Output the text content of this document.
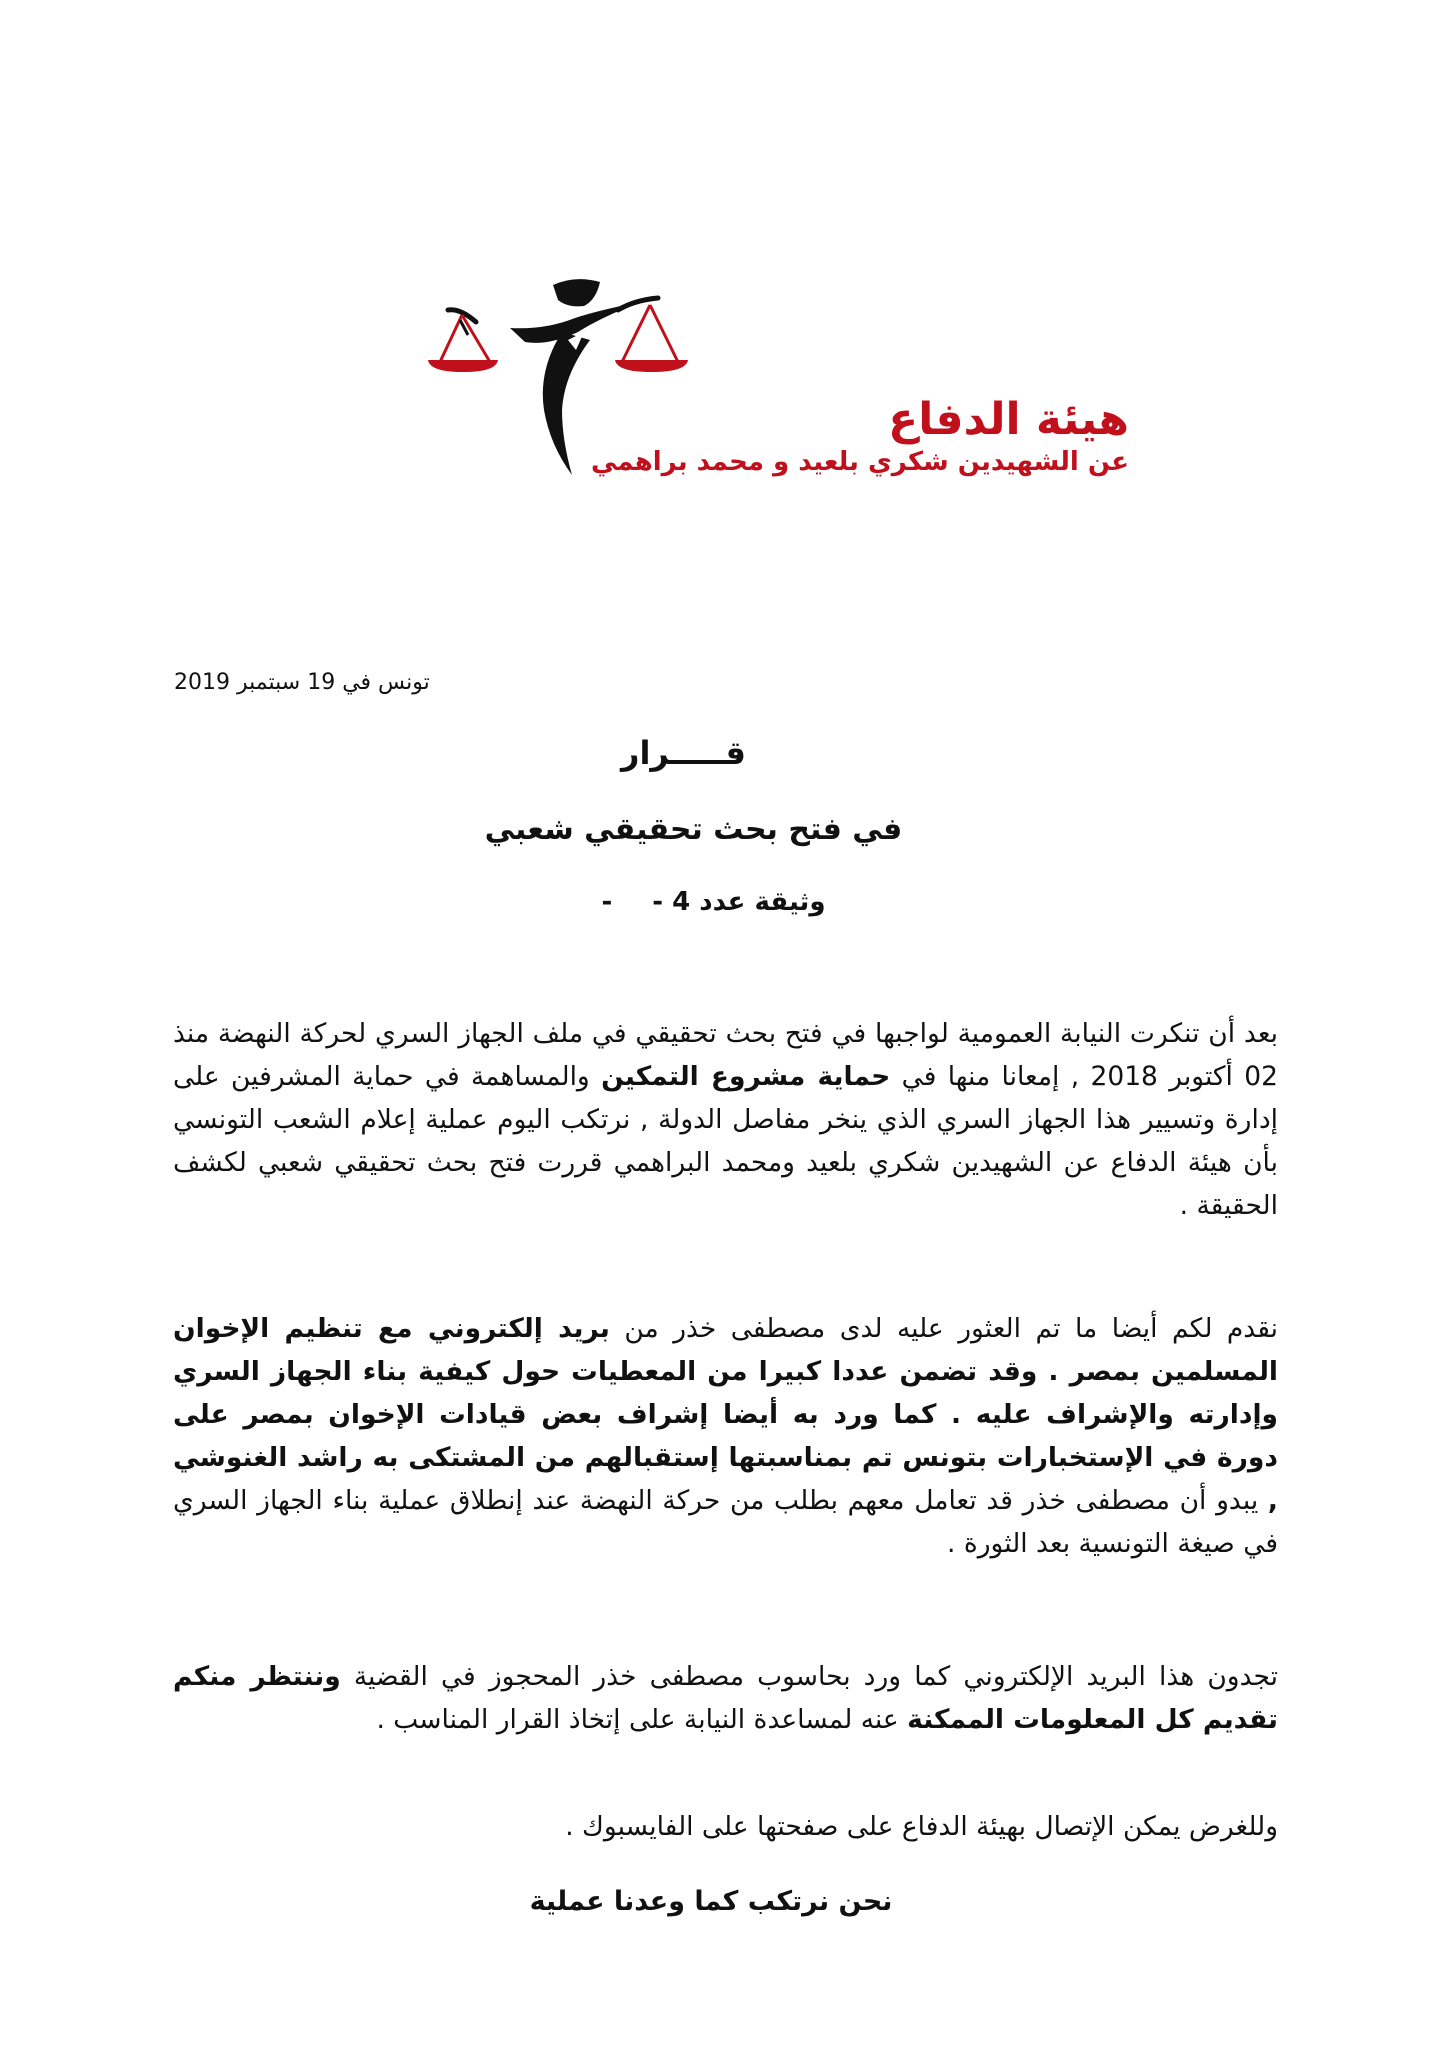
هيئة الدفاع
عن الشهيدين شكري بلعيد و محمد براهمي
تونس في 19 سبتمبر 2019
قـــــرار
في فتح بحث تحقيقي شعبي
وثيقة عدد 4 --
بعد أن تنكرت النيابة العمومية لواجبها في فتح بحث تحقيقي في ملف الجهاز السري لحركة النهضة منذ 02 أكتوبر 2018 , إمعانا منها في حماية مشروع التمكين والمساهمة في حماية المشرفين على إدارة وتسيير هذا الجهاز السري الذي ينخر مفاصل الدولة , نرتكب اليوم عملية إعلام الشعب التونسي بأن هيئة الدفاع عن الشهيدين شكري بلعيد ومحمد البراهمي قررت فتح بحث تحقيقي شعبي لكشف الحقيقة .
نقدم لكم أيضا ما تم العثور عليه لدى مصطفى خذر من بريد إلكتروني مع تنظيم الإخوان المسلمين بمصر . وقد تضمن عددا كبيرا من المعطيات حول كيفية بناء الجهاز السري وإدارته والإشراف عليه . كما ورد به أيضا إشراف بعض قيادات الإخوان بمصر على دورة في الإستخبارات بتونس تم بمناسبتها إستقبالهم من المشتكى به راشد الغنوشي , يبدو أن مصطفى خذر قد تعامل معهم بطلب من حركة النهضة عند إنطلاق عملية بناء الجهاز السري في صيغة التونسية بعد الثورة .
تجدون هذا البريد الإلكتروني كما ورد بحاسوب مصطفى خذر المحجوز في القضية وننتظر منكم تقديم كل المعلومات الممكنة عنه لمساعدة النيابة على إتخاذ القرار المناسب .
وللغرض يمكن الإتصال بهيئة الدفاع على صفحتها على الفايسبوك .
نحن نرتكب كما وعدنا عملية
